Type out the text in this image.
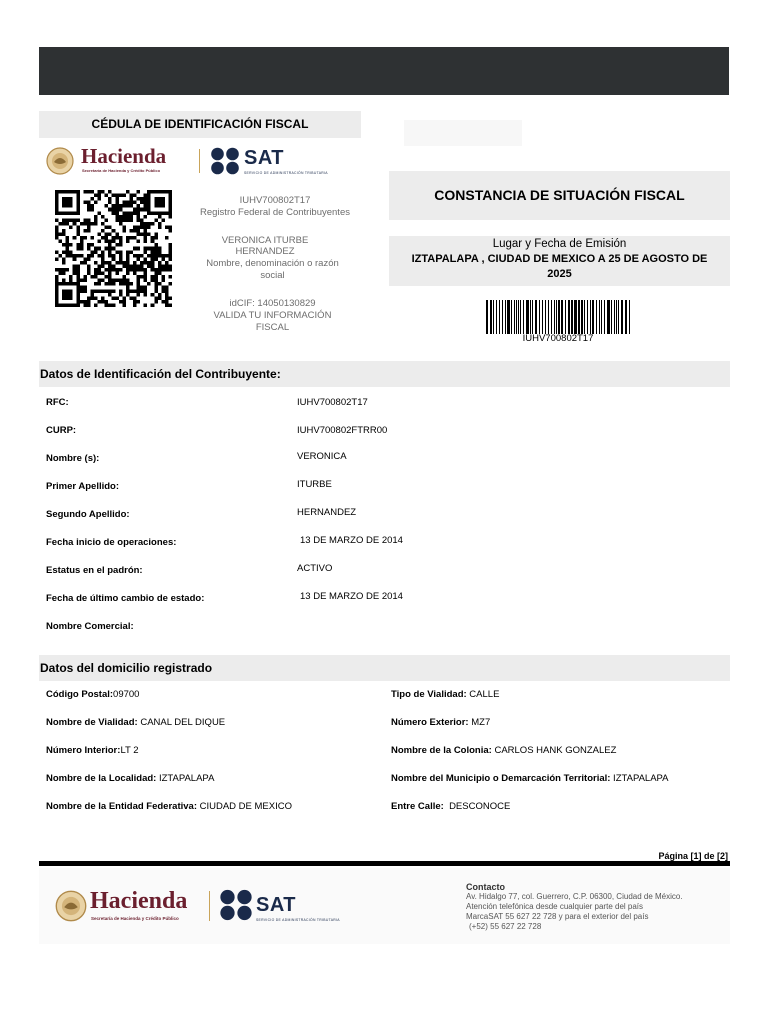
CÉDULA DE IDENTIFICACIÓN FISCAL
Hacienda
Secretaría de Hacienda y Crédito Público
SAT
SERVICIO DE ADMINISTRACIÓN TRIBUTARIA
IUHV700802T17
Registro Federal de Contribuyentes
VERONICA ITURBE
HERNANDEZ
Nombre, denominación o razón
social
idCIF: 14050130829
VALIDA TU INFORMACIÓN
FISCAL
CONSTANCIA DE SITUACIÓN FISCAL
Lugar y Fecha de Emisión
IZTAPALAPA , CIUDAD DE MEXICO A 25 DE AGOSTO DE
2025
IUHV700802T17
Datos de Identificación del Contribuyente:
RFC:	IUHV700802T17
CURP:	IUHV700802FTRR00
Nombre (s):	VERONICA
Primer Apellido:	ITURBE
Segundo Apellido:	HERNANDEZ
Fecha inicio de operaciones:	13 DE MARZO DE 2014
Estatus en el padrón:	ACTIVO
Fecha de último cambio de estado:	13 DE MARZO DE 2014
Nombre Comercial:
Datos del domicilio registrado
Código Postal:09700
Nombre de Vialidad: CANAL DEL DIQUE
Número Interior:LT 2
Nombre de la Localidad: IZTAPALAPA
Nombre de la Entidad Federativa: CIUDAD DE MEXICO
Tipo de Vialidad: CALLE
Número Exterior: MZ7
Nombre de la Colonia: CARLOS HANK GONZALEZ
Nombre del Municipio o Demarcación Territorial: IZTAPALAPA
Entre Calle:  DESCONOCE
Página [1] de [2]
Hacienda
Secretaría de Hacienda y Crédito Público
SAT
SERVICIO DE ADMINISTRACIÓN TRIBUTARIA
Contacto
Av. Hidalgo 77, col. Guerrero, C.P. 06300, Ciudad de México.
Atención telefónica desde cualquier parte del país
MarcaSAT 55 627 22 728 y para el exterior del país
(+52) 55 627 22 728
